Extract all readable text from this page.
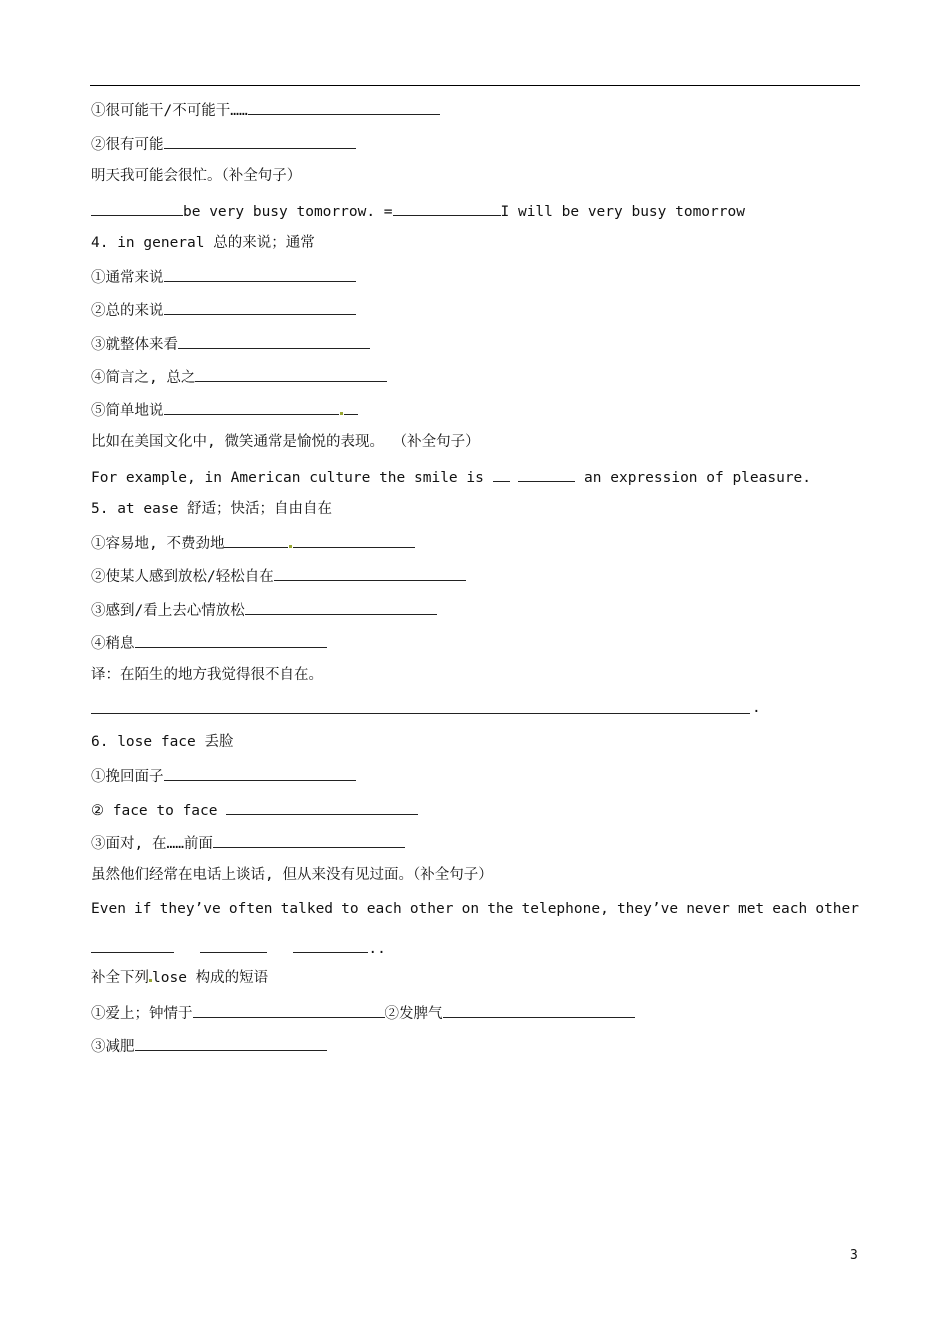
①很可能干/不可能干……
②很有可能
明天我可能会很忙。（补全句子）
be very busy tomorrow. =	I will be very busy tomorrow
4. in general 总的来说；通常
①通常来说
②总的来说
③就整体来看
④简言之, 总之
⑤简单地说
比如在美国文化中, 微笑通常是愉悦的表现。 （补全句子）
For example, in American culture the smile is	an expression of pleasure.
5. at ease 舒适；快活；自由自在
①容易地, 不费劲地
②使某人感到放松/轻松自在
③感到/看上去心情放松
④稍息
译：在陌生的地方我觉得很不自在。
.
6. lose face 丢脸
①挽回面子
② face to face
③面对, 在……前面
虽然他们经常在电话上谈话, 但从来没有见过面。（补全句子）
Even if they’ve often talked to each other on the telephone, they’ve never met each other
..
补全下列 lose 构成的短语
①爱上；钟情于	②发脾气
③减肥
3
